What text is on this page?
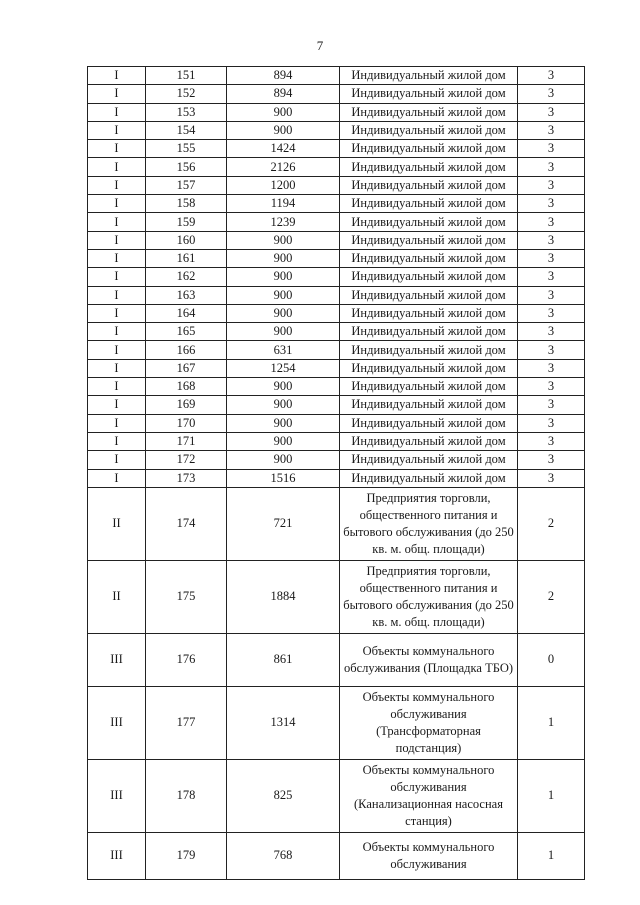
7
I	151	894	Индивидуальный жилой дом	3
I	152	894	Индивидуальный жилой дом	3
I	153	900	Индивидуальный жилой дом	3
I	154	900	Индивидуальный жилой дом	3
I	155	1424	Индивидуальный жилой дом	3
I	156	2126	Индивидуальный жилой дом	3
I	157	1200	Индивидуальный жилой дом	3
I	158	1194	Индивидуальный жилой дом	3
I	159	1239	Индивидуальный жилой дом	3
I	160	900	Индивидуальный жилой дом	3
I	161	900	Индивидуальный жилой дом	3
I	162	900	Индивидуальный жилой дом	3
I	163	900	Индивидуальный жилой дом	3
I	164	900	Индивидуальный жилой дом	3
I	165	900	Индивидуальный жилой дом	3
I	166	631	Индивидуальный жилой дом	3
I	167	1254	Индивидуальный жилой дом	3
I	168	900	Индивидуальный жилой дом	3
I	169	900	Индивидуальный жилой дом	3
I	170	900	Индивидуальный жилой дом	3
I	171	900	Индивидуальный жилой дом	3
I	172	900	Индивидуальный жилой дом	3
I	173	1516	Индивидуальный жилой дом	3
II	174	721	Предприятия торговли,
общественного питания и
бытового обслуживания (до 250
кв. м. общ. площади)	2
II	175	1884	Предприятия торговли,
общественного питания и
бытового обслуживания (до 250
кв. м. общ. площади)	2
III	176	861	Объекты коммунального
обслуживания (Площадка ТБО)	0
III	177	1314	Объекты коммунального
обслуживания
(Трансформаторная подстанция)	1
III	178	825	Объекты коммунального
обслуживания
(Канализационная насосная
станция)	1
III	179	768	Объекты коммунального
обслуживания	1
